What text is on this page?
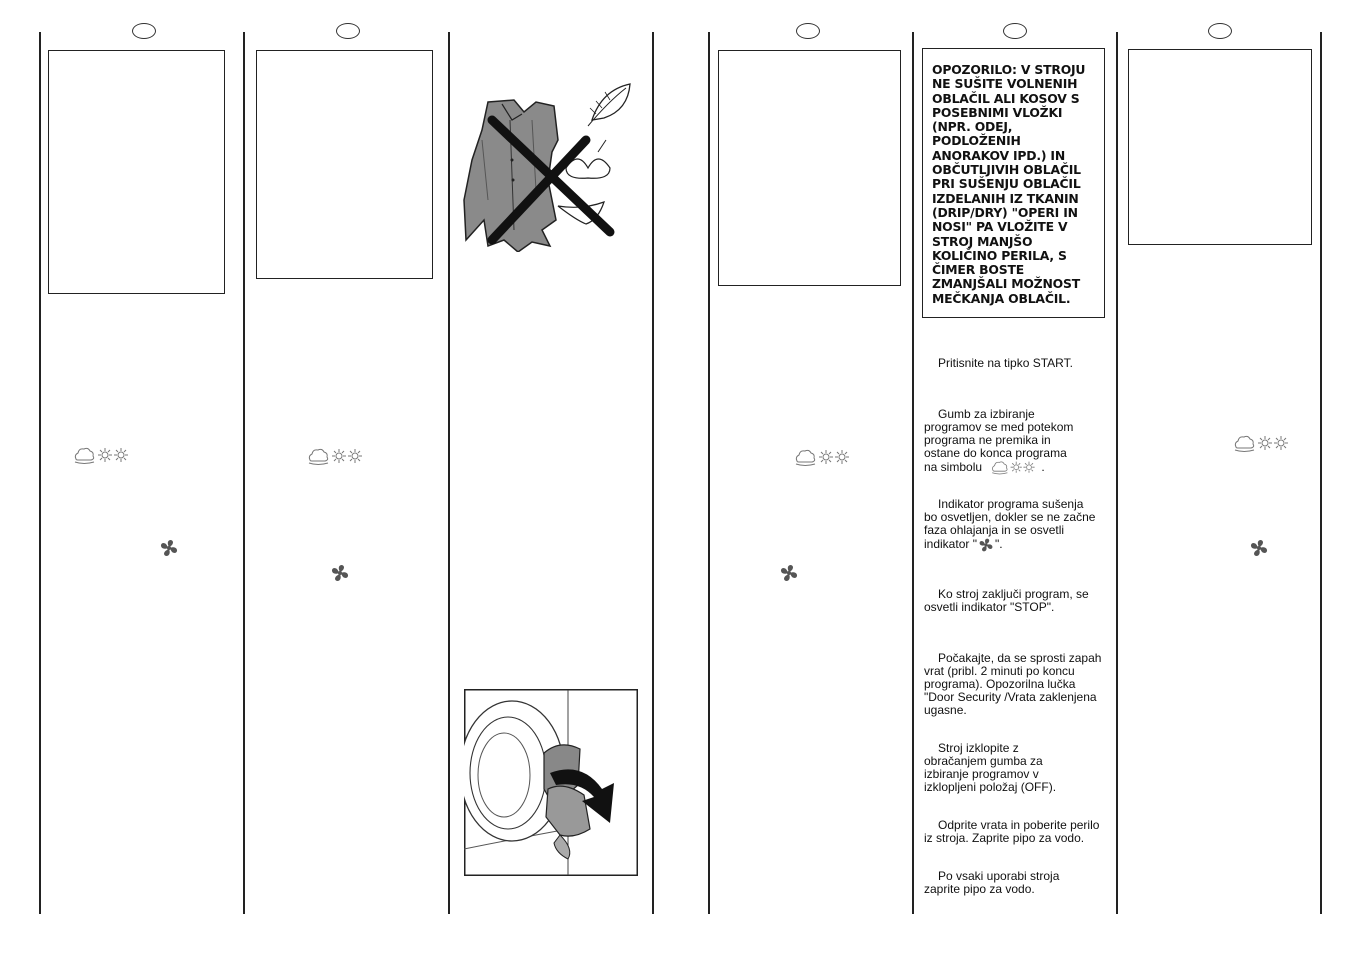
OPOZORILO: V STROJU NE SUŠITE VOLNENIH OBLAČIL ALI KOSOV S POSEBNIMI VLOŽKI (NPR. ODEJ, PODLOŽENIH ANORAKOV IPD.) IN OBČUTLJIVIH OBLAČIL PRI SUŠENJU OBLAČIL IZDELANIH IZ TKANIN (DRIP/DRY) "OPERI IN NOSI" PA VLOŽITE V STROJ MANJŠO KOLIČINO PERILA, S ČIMER BOSTE ZMANJŠALI MOŽNOST MEČKANJA OBLAČIL.
Pritisnite na tipko START.
Gumb za izbiranje programov se med potekom programa ne premika in ostane do konca programa na simbolu	.
Indikator programa sušenja bo osvetljen, dokler se ne začne faza ohlajanja in se osvetli indikator " ".
Ko stroj zaključi program, se osvetli indikator "STOP".
Počakajte, da se sprosti zapah vrat (pribl. 2 minuti po koncu programa). Opozorilna lučka "Door Security /Vrata zaklenjena ugasne.
Stroj izklopite z obračanjem gumba za izbiranje programov v izklopljeni položaj (OFF).
Odprite vrata in poberite perilo iz stroja. Zaprite pipo za vodo.
Po vsaki uporabi stroja zaprite pipo za vodo.
